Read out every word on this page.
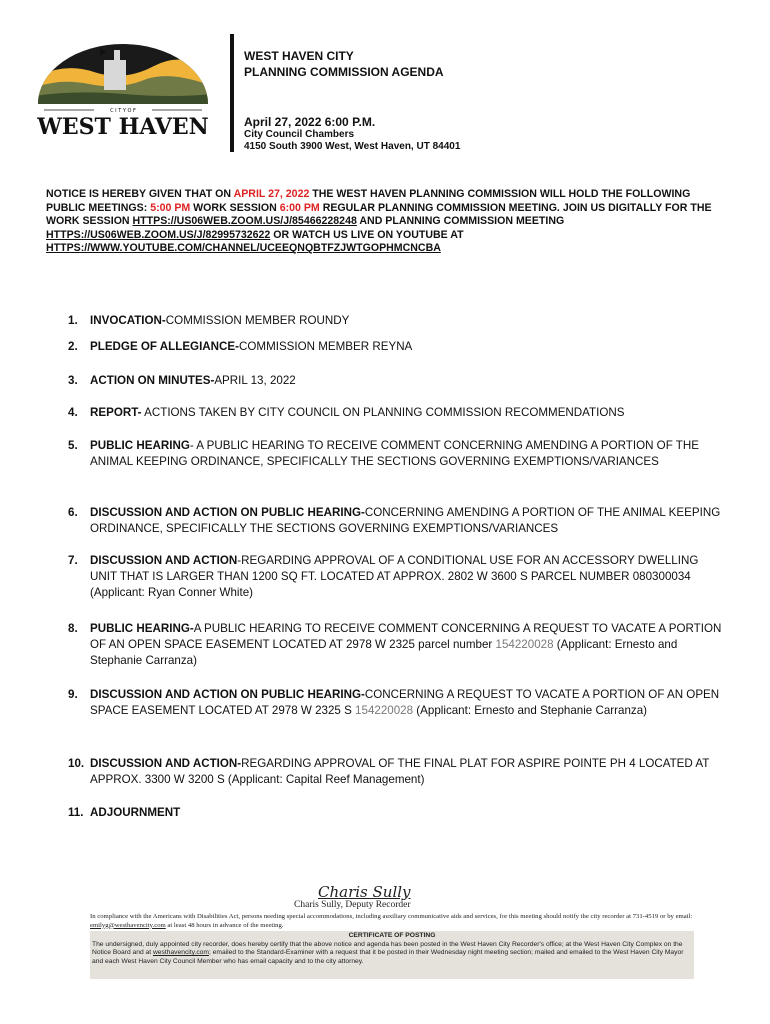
C I T Y O F
WEST HAVEN
WEST HAVEN CITY
PLANNING COMMISSION AGENDA
April 27, 2022 6:00 P.M.
City Council Chambers
4150 South 3900 West, West Haven, UT 84401
NOTICE IS HEREBY GIVEN THAT ON APRIL 27, 2022 THE WEST HAVEN PLANNING COMMISSION WILL HOLD THE FOLLOWING PUBLIC MEETINGS: 5:00 PM WORK SESSION 6:00 PM REGULAR PLANNING COMMISSION MEETING. JOIN US DIGITALLY FOR THE WORK SESSION HTTPS://US06WEB.ZOOM.US/J/85466228248 AND PLANNING COMMISSION MEETING HTTPS://US06WEB.ZOOM.US/J/82995732622 OR WATCH US LIVE ON YOUTUBE AT HTTPS://WWW.YOUTUBE.COM/CHANNEL/UCEEQNQBTFZJWTGOPHMCNCBA
1. INVOCATION-COMMISSION MEMBER ROUNDY
2. PLEDGE OF ALLEGIANCE-COMMISSION MEMBER REYNA
3. ACTION ON MINUTES-APRIL 13, 2022
4. REPORT- ACTIONS TAKEN BY CITY COUNCIL ON PLANNING COMMISSION RECOMMENDATIONS
5. PUBLIC HEARING- A PUBLIC HEARING TO RECEIVE COMMENT CONCERNING AMENDING A PORTION OF THE ANIMAL KEEPING ORDINANCE, SPECIFICALLY THE SECTIONS GOVERNING EXEMPTIONS/VARIANCES
6. DISCUSSION AND ACTION ON PUBLIC HEARING-CONCERNING AMENDING A PORTION OF THE ANIMAL KEEPING ORDINANCE, SPECIFICALLY THE SECTIONS GOVERNING EXEMPTIONS/VARIANCES
7. DISCUSSION AND ACTION-REGARDING APPROVAL OF A CONDITIONAL USE FOR AN ACCESSORY DWELLING UNIT THAT IS LARGER THAN 1200 SQ FT. LOCATED AT APPROX. 2802 W 3600 S PARCEL NUMBER 080300034 (Applicant: Ryan Conner White)
8. PUBLIC HEARING-A PUBLIC HEARING TO RECEIVE COMMENT CONCERNING A REQUEST TO VACATE A PORTION OF AN OPEN SPACE EASEMENT LOCATED AT 2978 W 2325 parcel number 154220028 (Applicant: Ernesto and Stephanie Carranza)
9. DISCUSSION AND ACTION ON PUBLIC HEARING-CONCERNING A REQUEST TO VACATE A PORTION OF AN OPEN SPACE EASEMENT LOCATED AT 2978 W 2325 S 154220028 (Applicant: Ernesto and Stephanie Carranza)
10. DISCUSSION AND ACTION-REGARDING APPROVAL OF THE FINAL PLAT FOR ASPIRE POINTE PH 4 LOCATED AT APPROX. 3300 W 3200 S (Applicant: Capital Reef Management)
11. ADJOURNMENT
Charis Sully
Charis Sully, Deputy Recorder
In compliance with the Americans with Disabilities Act, persons needing special accommodations, including auxiliary communicative aids and services, for this meeting should notify the city recorder at 731-4519 or by email: emilyg@westhavencity.com at least 48 hours in advance of the meeting.
CERTIFICATE OF POSTING
The undersigned, duly appointed city recorder, does hereby certify that the above notice and agenda has been posted in the West Haven City Recorder's office; at the West Haven City Complex on the Notice Board and at westhavencity.com; emailed to the Standard-Examiner with a request that it be posted in their Wednesday night meeting section; mailed and emailed to the West Haven City Mayor and each West Haven City Council Member who has email capacity and to the city attorney.
